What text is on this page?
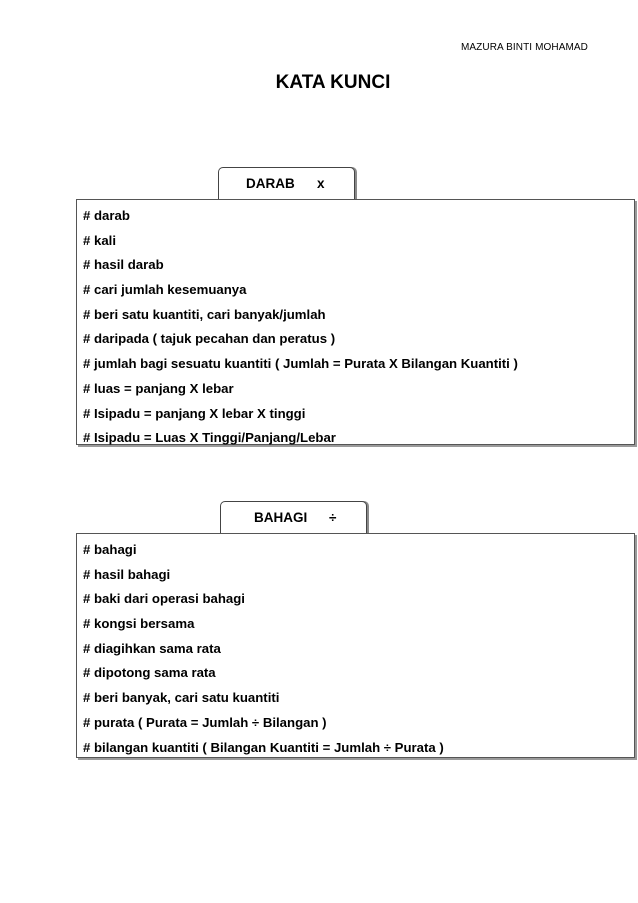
MAZURA BINTI MOHAMAD
KATA KUNCI
DARAB x
# darab
# kali
# hasil darab
# cari jumlah kesemuanya
# beri satu kuantiti, cari banyak/jumlah
# daripada ( tajuk pecahan dan peratus )
# jumlah bagi sesuatu kuantiti ( Jumlah = Purata X Bilangan Kuantiti )
# luas = panjang X lebar
# Isipadu = panjang X lebar X tinggi
# Isipadu = Luas X Tinggi/Panjang/Lebar
BAHAGI ÷
# bahagi
# hasil bahagi
# baki dari operasi bahagi
# kongsi bersama
# diagihkan sama rata
# dipotong sama rata
# beri banyak, cari satu kuantiti
# purata ( Purata = Jumlah ÷ Bilangan )
# bilangan kuantiti ( Bilangan Kuantiti = Jumlah ÷ Purata )
